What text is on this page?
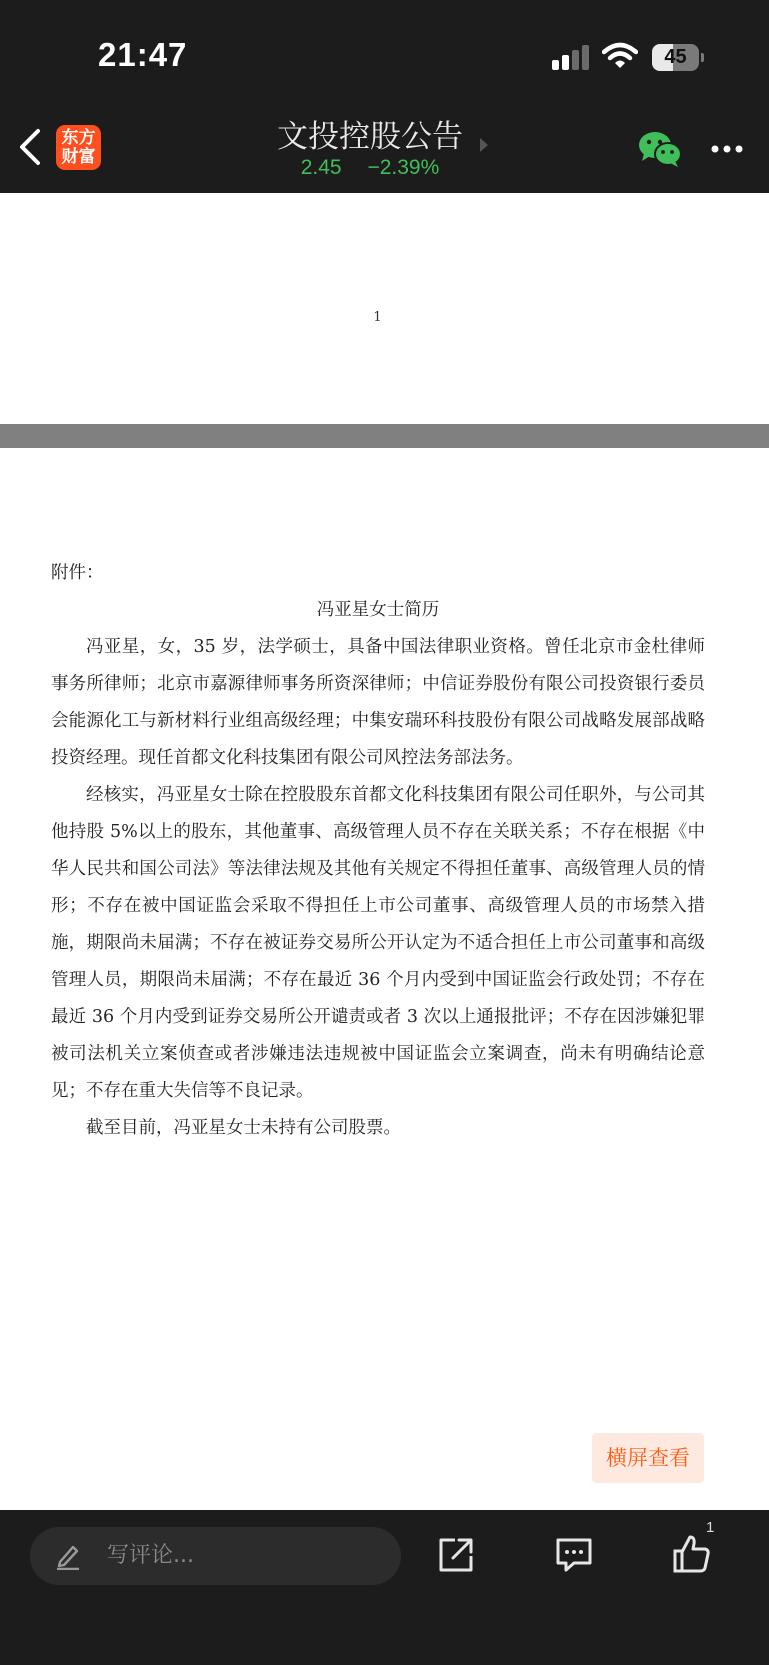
21:47	45
东方
财富
文投控股公告
2.45 −2.39%
1
附件：
冯亚星女士简历

冯亚星，女，35 岁，法学硕士，具备中国法律职业资格。曾任北京市金杜律师事务所律师；北京市嘉源律师事务所资深律师；中信证券股份有限公司投资银行委员会能源化工与新材料行业组高级经理；中集安瑞环科技股份有限公司战略发展部战略投资经理。现任首都文化科技集团有限公司风控法务部法务。

经核实，冯亚星女士除在控股股东首都文化科技集团有限公司任职外，与公司其他持股 5%以上的股东，其他董事、高级管理人员不存在关联关系；不存在根据《中华人民共和国公司法》等法律法规及其他有关规定不得担任董事、高级管理人员的情形；不存在被中国证监会采取不得担任上市公司董事、高级管理人员的市场禁入措施，期限尚未届满；不存在被证券交易所公开认定为不适合担任上市公司董事和高级管理人员，期限尚未届满；不存在最近 36 个月内受到中国证监会行政处罚；不存在最近 36 个月内受到证券交易所公开谴责或者 3 次以上通报批评；不存在因涉嫌犯罪被司法机关立案侦查或者涉嫌违法违规被中国证监会立案调查，尚未有明确结论意见；不存在重大失信等不良记录。

截至目前，冯亚星女士未持有公司股票。

横屏查看
写评论...
1
